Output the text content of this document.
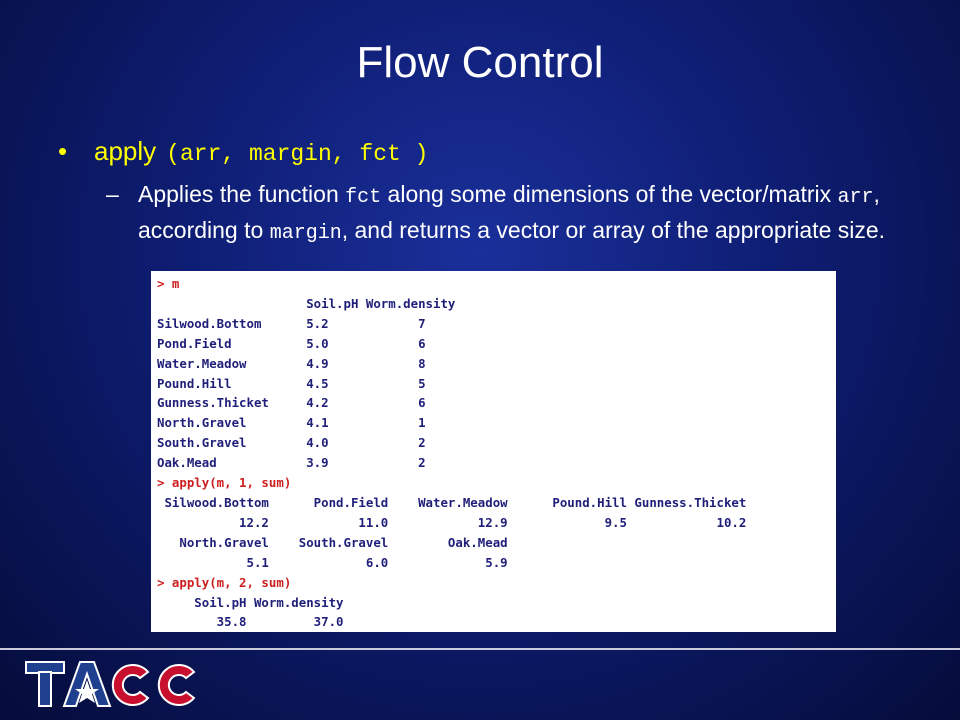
Flow Control
•	apply (arr, margin, fct )
– Applies the function fct along some dimensions of the vector/matrix arr, according to margin, and returns a vector or array of the appropriate size.
> m
Soil.pH Worm.density
Silwood.Bottom      5.2            7
Pond.Field          5.0            6
Water.Meadow        4.9            8
Pound.Hill          4.5            5
Gunness.Thicket     4.2            6
North.Gravel        4.1            1
South.Gravel        4.0            2
Oak.Mead            3.9            2
> apply(m, 1, sum)
Silwood.Bottom      Pond.Field    Water.Meadow      Pound.Hill Gunness.Thicket
12.2            11.0            12.9             9.5            10.2
North.Gravel    South.Gravel        Oak.Mead
5.1             6.0             5.9
> apply(m, 2, sum)
Soil.pH Worm.density
35.8         37.0
